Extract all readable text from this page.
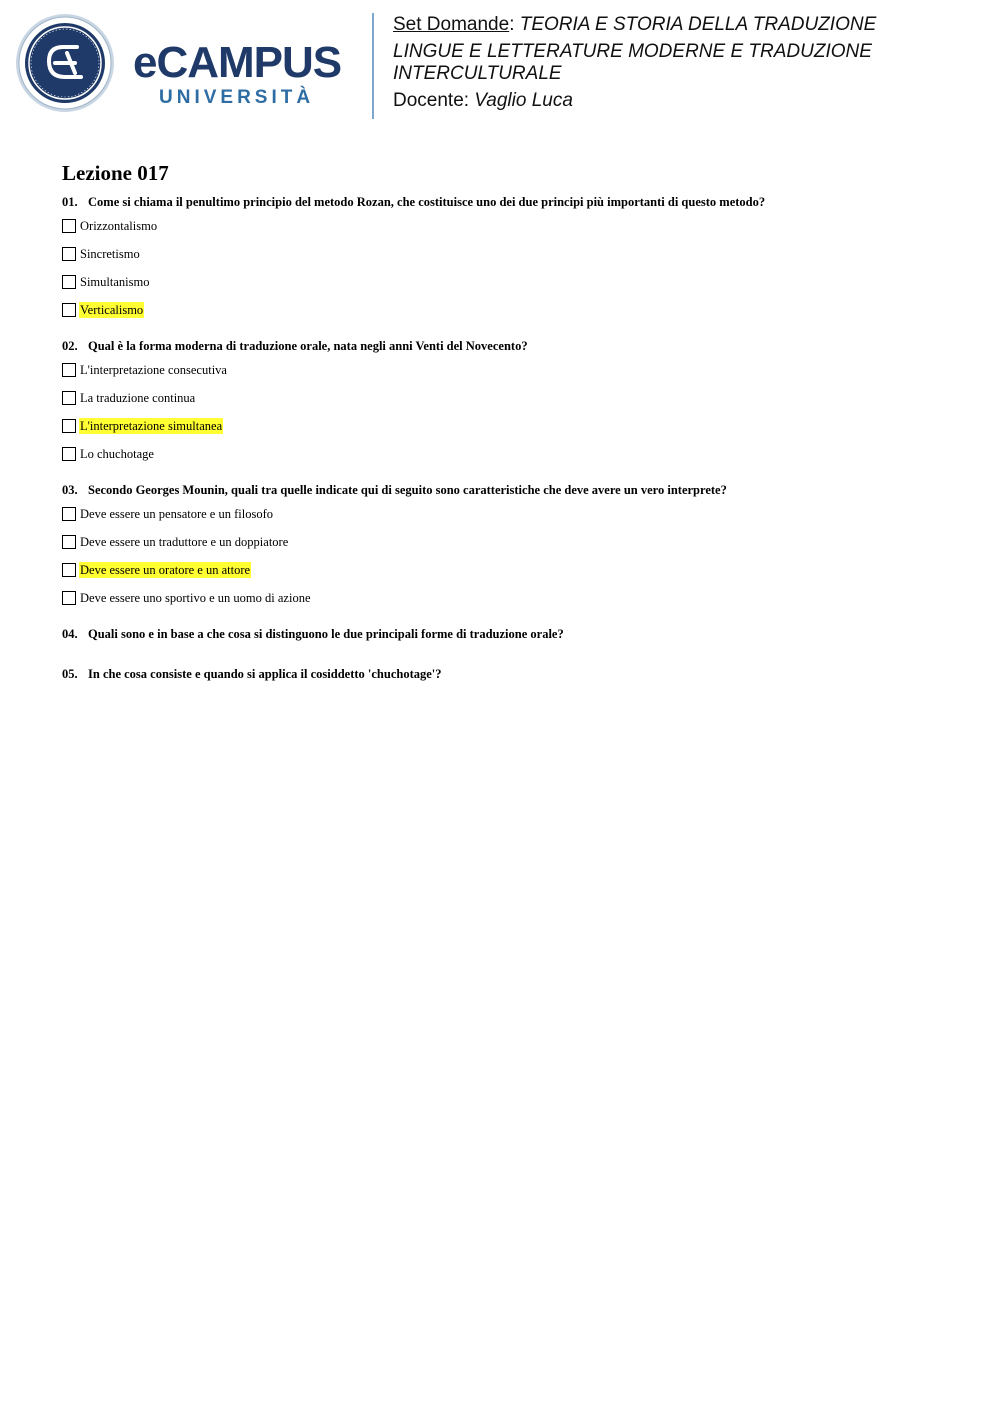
eCAMPUS
UNIVERSITÀ
Set Domande: TEORIA E STORIA DELLA TRADUZIONE
LINGUE E LETTERATURE MODERNE E TRADUZIONE
INTERCULTURALE
Docente: Vaglio Luca
Lezione 017
01. Come si chiama il penultimo principio del metodo Rozan, che costituisce uno dei due principi più importanti di questo metodo?
Orizzontalismo
Sincretismo
Simultanismo
Verticalismo
02. Qual è la forma moderna di traduzione orale, nata negli anni Venti del Novecento?
L'interpretazione consecutiva
La traduzione continua
L'interpretazione simultanea
Lo chuchotage
03. Secondo Georges Mounin, quali tra quelle indicate qui di seguito sono caratteristiche che deve avere un vero interprete?
Deve essere un pensatore e un filosofo
Deve essere un traduttore e un doppiatore
Deve essere un oratore e un attore
Deve essere uno sportivo e un uomo di azione
04. Quali sono e in base a che cosa si distinguono le due principali forme di traduzione orale?
05. In che cosa consiste e quando si applica il cosiddetto 'chuchotage'?
